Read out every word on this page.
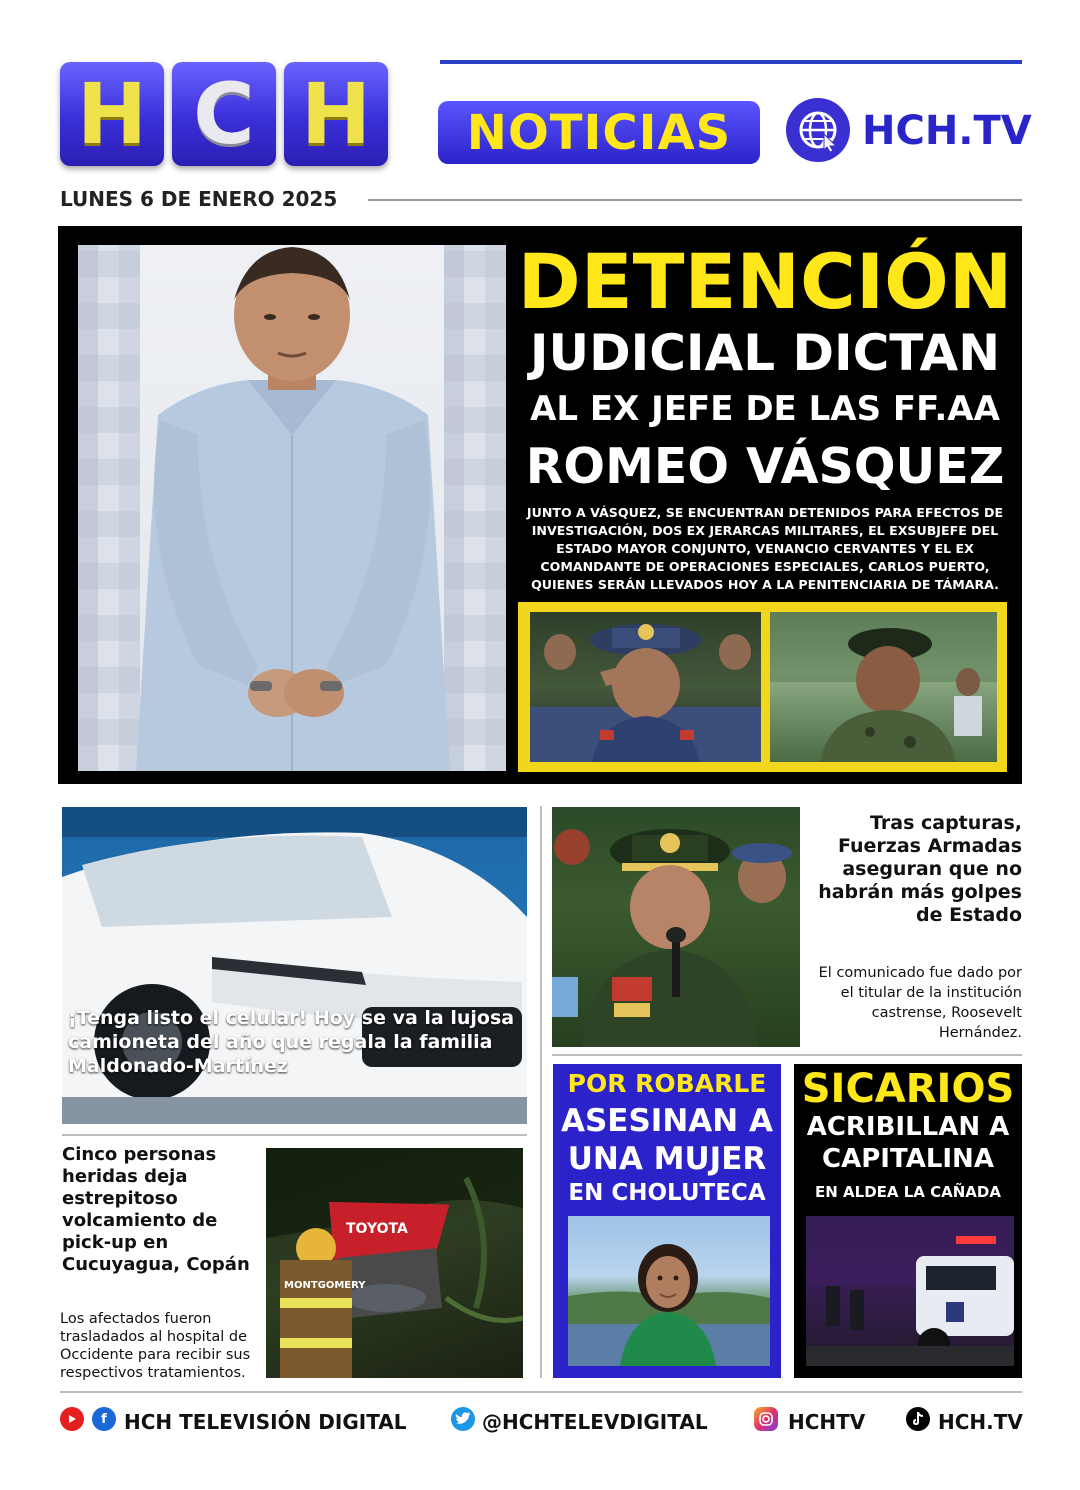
H C H	NOTICIAS	HCH.TV
LUNES 6 DE ENERO 2025
DETENCIÓN
JUDICIAL DICTAN
AL EX JEFE DE LAS FF.AA
ROMEO VÁSQUEZ
JUNTO A VÁSQUEZ, SE ENCUENTRAN DETENIDOS PARA EFECTOS DE INVESTIGACIÓN, DOS EX JERARCAS MILITARES, EL EXSUBJEFE DEL ESTADO MAYOR CONJUNTO, VENANCIO CERVANTES Y EL EX COMANDANTE DE OPERACIONES ESPECIALES, CARLOS PUERTO, QUIENES SERÁN LLEVADOS HOY A LA PENITENCIARIA DE TÁMARA.
¡Tenga listo el celular! Hoy se va la lujosa camioneta del año que regala la familia Maldonado-Martínez
Tras capturas, Fuerzas Armadas aseguran que no habrán más golpes de Estado
El comunicado fue dado por el titular de la institución castrense, Roosevelt Hernández.
Cinco personas heridas deja estrepitoso volcamiento de pick-up en Cucuyagua, Copán
Los afectados fueron trasladados al hospital de Occidente para recibir sus respectivos tratamientos.
TOYOTA
MONTGOMERY
POR ROBARLE
ASESINAN A
UNA MUJER
EN CHOLUTECA
SICARIOS
ACRIBILLAN A
CAPITALINA
EN ALDEA LA CAÑADA
f HCH TELEVISIÓN DIGITAL	@HCHTELEVDIGITAL	HCHTV	HCH.TV
